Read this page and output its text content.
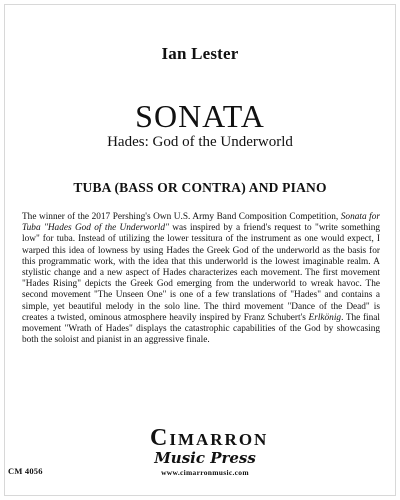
Ian Lester
SONATA
Hades: God of the Underworld
TUBA (BASS OR CONTRA) AND PIANO

The winner of the 2017 Pershing's Own U.S. Army Band Composition Competition, Sonata for Tuba "Hades God of the Underworld" was inspired by a friend's request to "write something low" for tuba. Instead of utilizing the lower tessitura of the instrument as one would expect, I warped this idea of lowness by using Hades the Greek God of the underworld as the basis for this programmatic work, with the idea that this underworld is the lowest imaginable realm. A stylistic change and a new aspect of Hades characterizes each movement. The first movement "Hades Rising" depicts the Greek God emerging from the underworld to wreak havoc. The second movement "The Unseen One" is one of a few translations of "Hades" and contains a simple, yet beautiful melody in the solo line. The third movement "Dance of the Dead" is creates a twisted, ominous atmosphere heavily inspired by Franz Schubert's Erlkönig. The final movement "Wrath of Hades" displays the catastrophic capabilities of the God by showcasing both the soloist and pianist in an aggressive finale.

CIMARRON
Music Press
www.cimarronmusic.com
CM 4056
